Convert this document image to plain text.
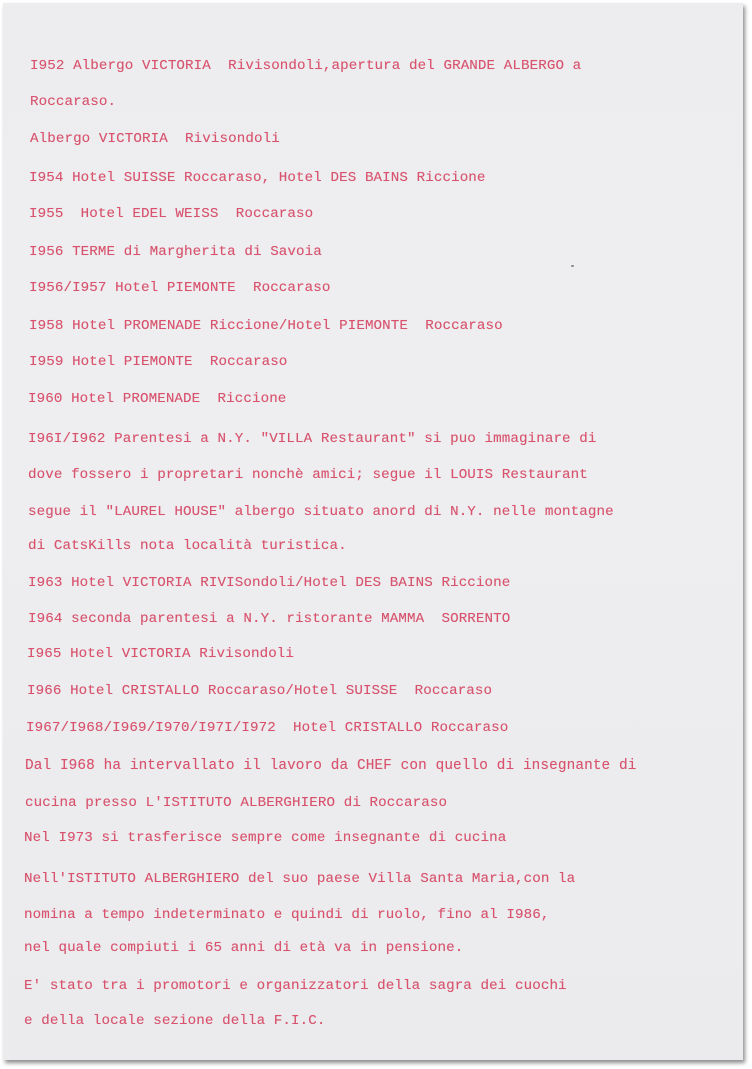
I952 Albergo VICTORIA  Rivisondoli,apertura del GRANDE ALBERGO a
Roccaraso.
Albergo VICTORIA  Rivisondoli
I954 Hotel SUISSE Roccaraso, Hotel DES BAINS Riccione
I955  Hotel EDEL WEISS  Roccaraso
I956 TERME di Margherita di Savoia
I956/I957 Hotel PIEMONTE  Roccaraso
I958 Hotel PROMENADE Riccione/Hotel PIEMONTE  Roccaraso
I959 Hotel PIEMONTE  Roccaraso
I960 Hotel PROMENADE  Riccione
I96I/I962 Parentesi a N.Y. "VILLA Restaurant" si puo immaginare di
dove fossero i propretari nonchè amici; segue il LOUIS Restaurant
segue il "LAUREL HOUSE" albergo situato anord di N.Y. nelle montagne
di CatsKills nota località turistica.
I963 Hotel VICTORIA RIVISondoli/Hotel DES BAINS Riccione
I964 seconda parentesi a N.Y. ristorante MAMMA  SORRENTO
I965 Hotel VICTORIA Rivisondoli
I966 Hotel CRISTALLO Roccaraso/Hotel SUISSE  Roccaraso
I967/I968/I969/I970/I97I/I972  Hotel CRISTALLO Roccaraso
Dal I968 ha intervallato il lavoro da CHEF con quello di insegnante di
cucina presso L'ISTITUTO ALBERGHIERO di Roccaraso
Nel I973 si trasferisce sempre come insegnante di cucina
Nell'ISTITUTO ALBERGHIERO del suo paese Villa Santa Maria,con la
nomina a tempo indeterminato e quindi di ruolo, fino al I986,
nel quale compiuti i 65 anni di età va in pensione.
E' stato tra i promotori e organizzatori della sagra dei cuochi
e della locale sezione della F.I.C.
